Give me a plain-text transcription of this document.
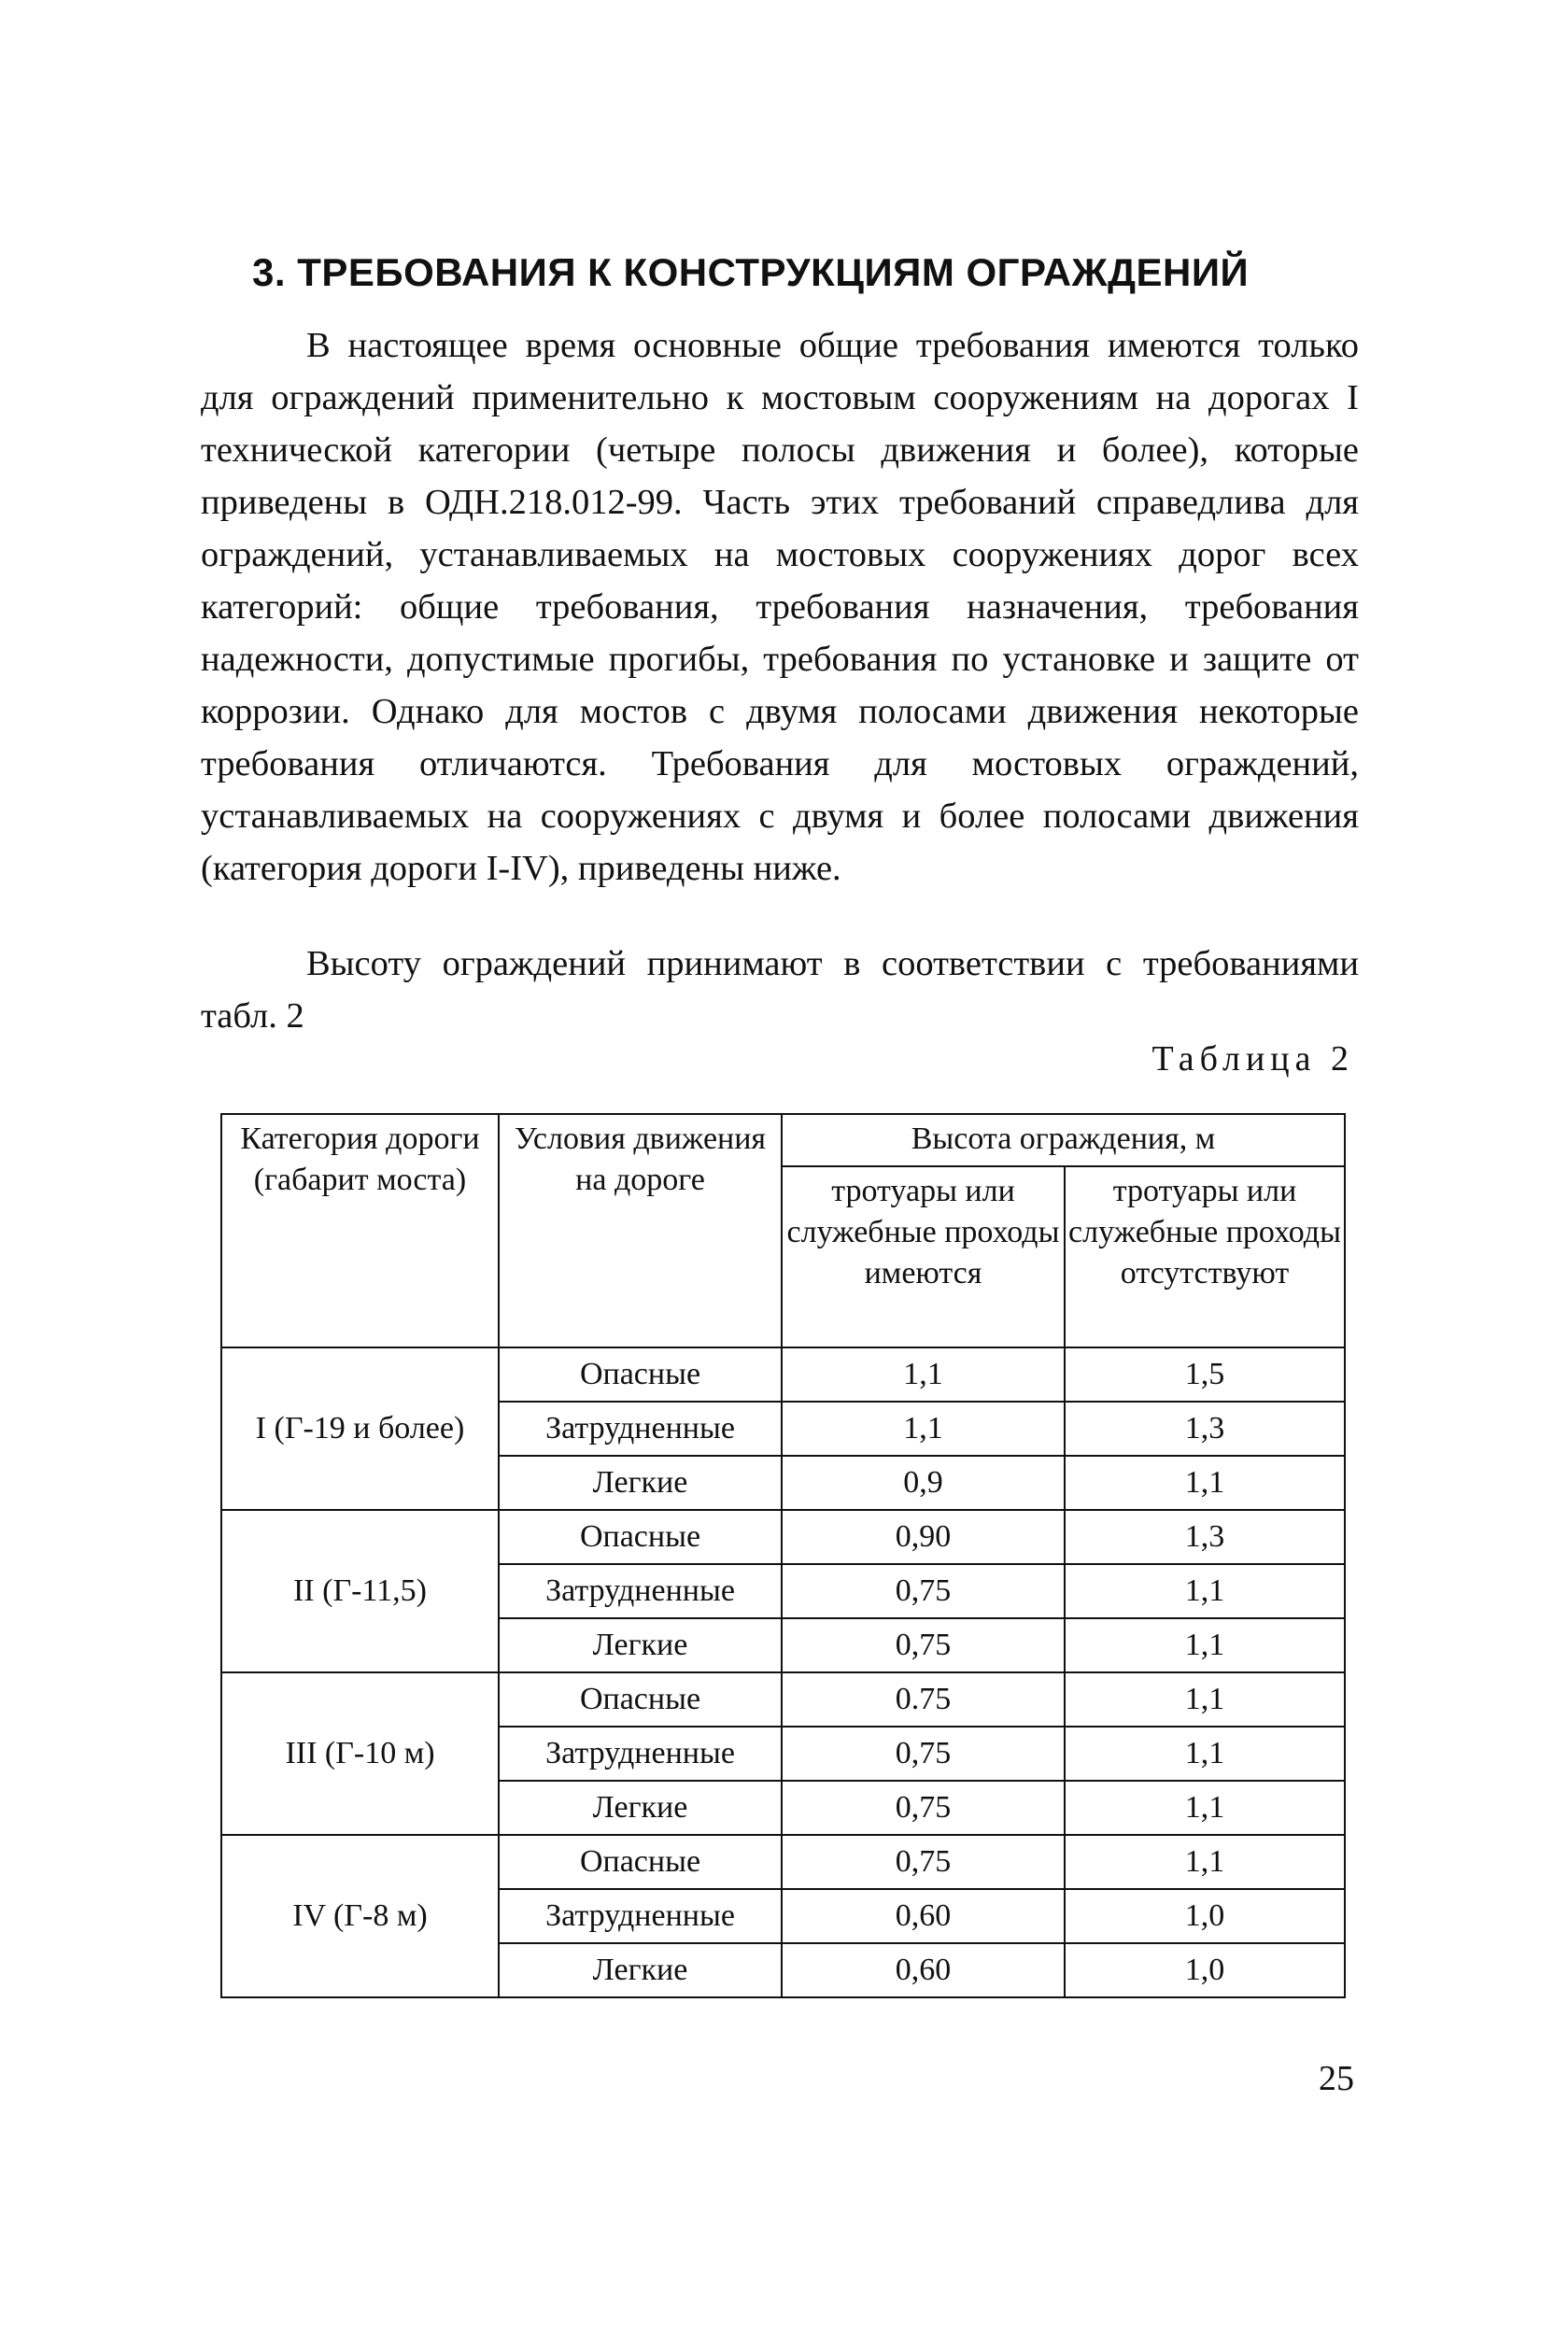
3. ТРЕБОВАНИЯ К КОНСТРУКЦИЯМ ОГРАЖДЕНИЙ

В настоящее время основные общие требования имеются только для ограждений применительно к мостовым сооружениям на дорогах I технической категории (четыре полосы движения и более), которые приведены в ОДН.218.012-99. Часть этих требований справедлива для ограждений, устанавливаемых на мостовых сооружениях дорог всех категорий: общие требования, требования назначения, требования надежности, допустимые прогибы, требования по установке и защите от коррозии. Однако для мостов с двумя полосами движения некоторые требования отличаются. Требования для мостовых ограждений, устанавливаемых на сооружениях с двумя и более полосами движения (категория дороги I-IV), приведены ниже.

Высоту ограждений принимают в соответствии с требованиями табл. 2

Таблица 2

Категория дороги (габарит моста)	Условия движения на дороге	Высота ограждения, м	
		тротуары или служебные проходы имеются	тротуары или служебные проходы отсутствуют
I (Г-19 и более)	Опасные	1,1	1,5
	Затрудненные	1,1	1,3
	Легкие	0,9	1,1
II (Г-11,5)	Опасные	0,90	1,3
	Затрудненные	0,75	1,1
	Легкие	0,75	1,1
III (Г-10 м)	Опасные	0.75	1,1
	Затрудненные	0,75	1,1
	Легкие	0,75	1,1
IV (Г-8 м)	Опасные	0,75	1,1
	Затрудненные	0,60	1,0
	Легкие	0,60	1,0

25
